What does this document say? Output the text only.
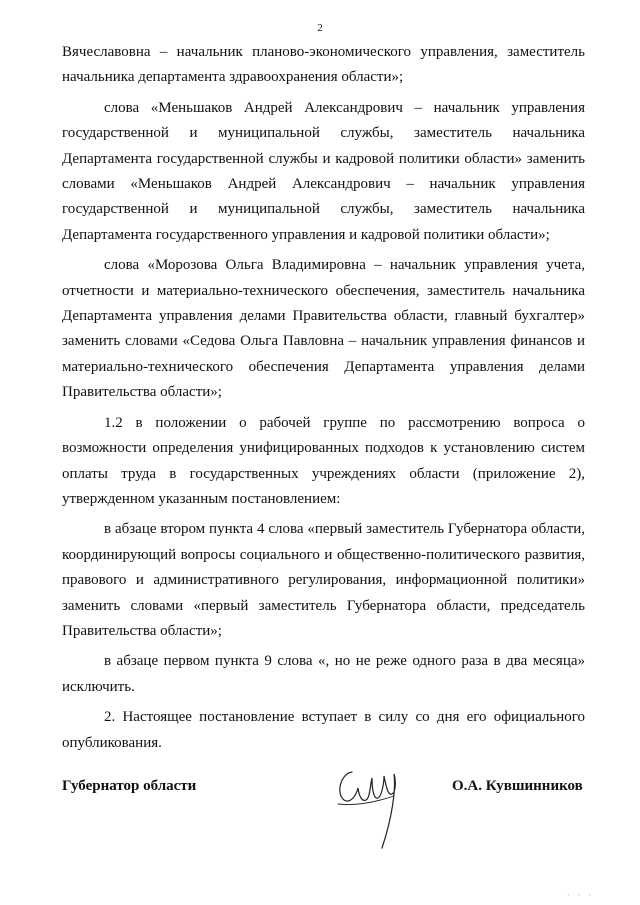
2

Вячеславовна – начальник планово-экономического управления, заместитель начальника департамента здравоохранения области»;

слова «Меньшаков Андрей Александрович – начальник управления государственной и муниципальной службы, заместитель начальника Департамента государственной службы и кадровой политики области» заменить словами «Меньшаков Андрей Александрович – начальник управления государственной и муниципальной службы, заместитель начальника Департамента государственного управления и кадровой политики области»;

слова «Морозова Ольга Владимировна – начальник управления учета, отчетности и материально-технического обеспечения, заместитель начальника Департамента управления делами Правительства области, главный бухгалтер» заменить словами «Седова Ольга Павловна – начальник управления финансов и материально-технического обеспечения Департамента управления делами Правительства области»;

1.2 в положении о рабочей группе по рассмотрению вопроса о возможности определения унифицированных подходов к установлению систем оплаты труда в государственных учреждениях области (приложение 2), утвержденном указанным постановлением:

в абзаце втором пункта 4 слова «первый заместитель Губернатора области, координирующий вопросы социального и общественно-политического развития, правового и административного регулирования, информационной политики» заменить словами «первый заместитель Губернатора области, председатель Правительства области»;

в абзаце первом пункта 9 слова «, но не реже одного раза в два месяца» исключить.

2. Настоящее постановление вступает в силу со дня его официального опубликования.

Губернатор области	О.А. Кувшинников
· · ·
